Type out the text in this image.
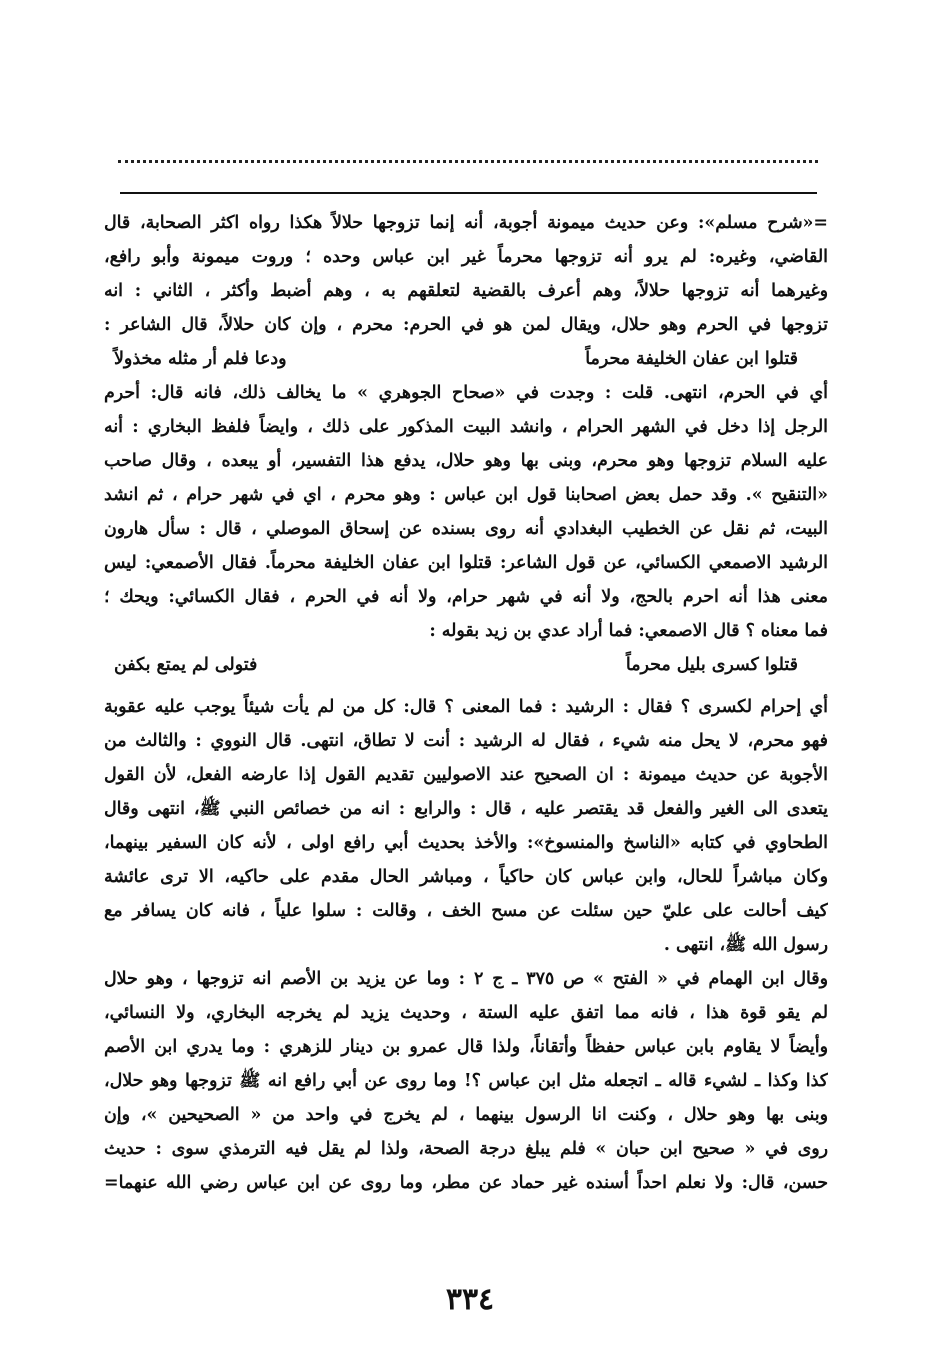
=«شرح مسلم»: وعن حديث ميمونة أجوبة، أنه إنما تزوجها حلالاً هكذا رواه اكثر الصحابة، قال
القاضي، وغيره: لم يرو أنه تزوجها محرماً غير ابن عباس وحده ؛ وروت ميمونة وأبو رافع،
وغيرهما أنه تزوجها حلالاً، وهم أعرف بالقضية لتعلقهم به ، وهم أضبط وأكثر ، الثاني : انه
تزوجها في الحرم وهو حلال، ويقال لمن هو في الحرم: محرم ، وإن كان حلالاً، قال الشاعر :
قتلوا ابن عفان الخليفة محرماً
ودعا فلم أر مثله مخذولاً
أي في الحرم، انتهى. قلت : وجدت في «صحاح الجوهري » ما يخالف ذلك، فانه قال: أحرم
الرجل إذا دخل في الشهر الحرام ، وانشد البيت المذكور على ذلك ، وايضاً فلفظ البخاري : أنه
عليه السلام تزوجها وهو محرم، وبنى بها وهو حلال، يدفع هذا التفسير، أو يبعده ، وقال صاحب
«التنقيح ». وقد حمل بعض اصحابنا قول ابن عباس : وهو محرم ، اي في شهر حرام ، ثم انشد
البيت، ثم نقل عن الخطيب البغدادي أنه روى بسنده عن إسحاق الموصلي ، قال : سأل هارون
الرشيد الاصمعي الكسائي، عن قول الشاعر: قتلوا ابن عفان الخليفة محرماً. فقال الأصمعي: ليس
معنى هذا أنه احرم بالحج، ولا أنه في شهر حرام، ولا أنه في الحرم ، فقال الكسائي: ويحك ؛
فما معناه ؟ قال الاصمعي: فما أراد عدي بن زيد بقوله :
قتلوا كسرى بليل محرماً
فتولى لم يمتع بكفن
أي إحرام لكسرى ؟ فقال : الرشيد : فما المعنى ؟ قال: كل من لم يأت شيئاً يوجب عليه عقوبة
فهو محرم، لا يحل منه شيء ، فقال له الرشيد : أنت لا تطاق، انتهى. قال النووي : والثالث من
الأجوبة عن حديث ميمونة : ان الصحيح عند الاصوليين تقديم القول إذا عارضه الفعل، لأن القول
يتعدى الى الغير والفعل قد يقتصر عليه ، قال : والرابع : انه من خصائص النبي ﷺ، انتهى وقال
الطحاوي في كتابه «الناسخ والمنسوخ»: والأخذ بحديث أبي رافع اولى ، لأنه كان السفير بينهما،
وكان مباشراً للحال، وابن عباس كان حاكياً ، ومباشر الحال مقدم على حاكيه، الا ترى عائشة
كيف أحالت على عليّ حين سئلت عن مسح الخف ، وقالت : سلوا علياً ، فانه كان يسافر مع
رسول الله ﷺ، انتهى .
وقال ابن الهمام في « الفتح » ص ٣٧٥ ـ ج ٢ : وما عن يزيد بن الأصم انه تزوجها ، وهو حلال
لم يقو قوة هذا ، فانه مما اتفق عليه الستة ، وحديث يزيد لم يخرجه البخاري، ولا النسائي،
وأيضاً لا يقاوم بابن عباس حفظاً وأتقاناً، ولذا قال عمرو بن دينار للزهري : وما يدري ابن الأصم
كذا وكذا ـ لشيء قاله ـ اتجعله مثل ابن عباس ؟! وما روى عن أبي رافع انه ﷺ تزوجها وهو حلال،
وبنى بها وهو حلال ، وكنت انا الرسول بينهما ، لم يخرج في واحد من « الصحيحين »، وإن
روى في « صحيح ابن حبان » فلم يبلغ درجة الصحة، ولذا لم يقل فيه الترمذي سوى : حديث
حسن، قال: ولا نعلم احداً أسنده غير حماد عن مطر، وما روى عن ابن عباس رضي الله عنهما=
٣٣٤
